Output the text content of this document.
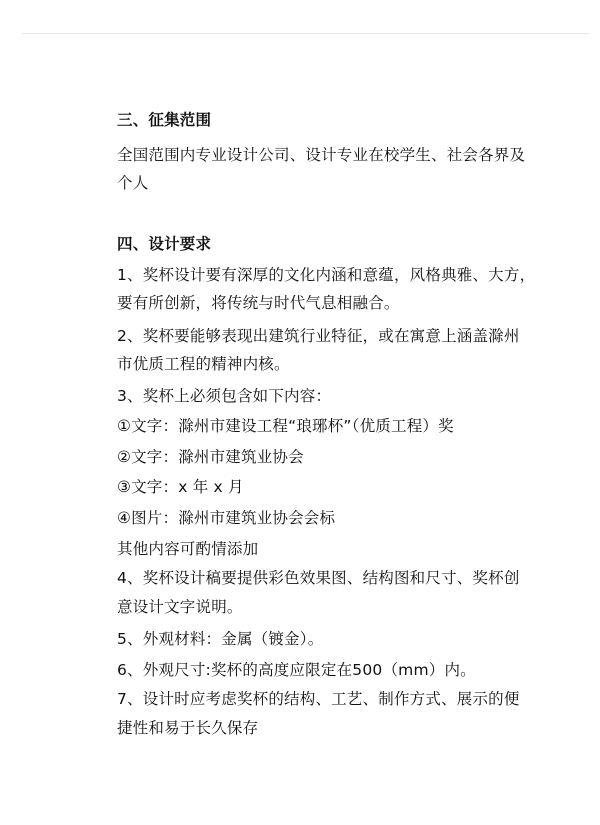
三、征集范围
全国范围内专业设计公司、设计专业在校学生、社会各界及
个人
四、设计要求
1、奖杯设计要有深厚的文化内涵和意蕴，风格典雅、大方，
要有所创新，将传统与时代气息相融合。
2、奖杯要能够表现出建筑行业特征，或在寓意上涵盖滁州
市优质工程的精神内核。
3、奖杯上必须包含如下内容：
①文字：滁州市建设工程“琅琊杯”（优质工程）奖
②文字：滁州市建筑业协会
③文字：x 年 x 月
④图片：滁州市建筑业协会会标
其他内容可酌情添加
4、奖杯设计稿要提供彩色效果图、结构图和尺寸、奖杯创
意设计文字说明。
5、外观材料：金属（镀金）。
6、外观尺寸:奖杯的高度应限定在500（mm）内。
7、设计时应考虑奖杯的结构、工艺、制作方式、展示的便
捷性和易于长久保存
